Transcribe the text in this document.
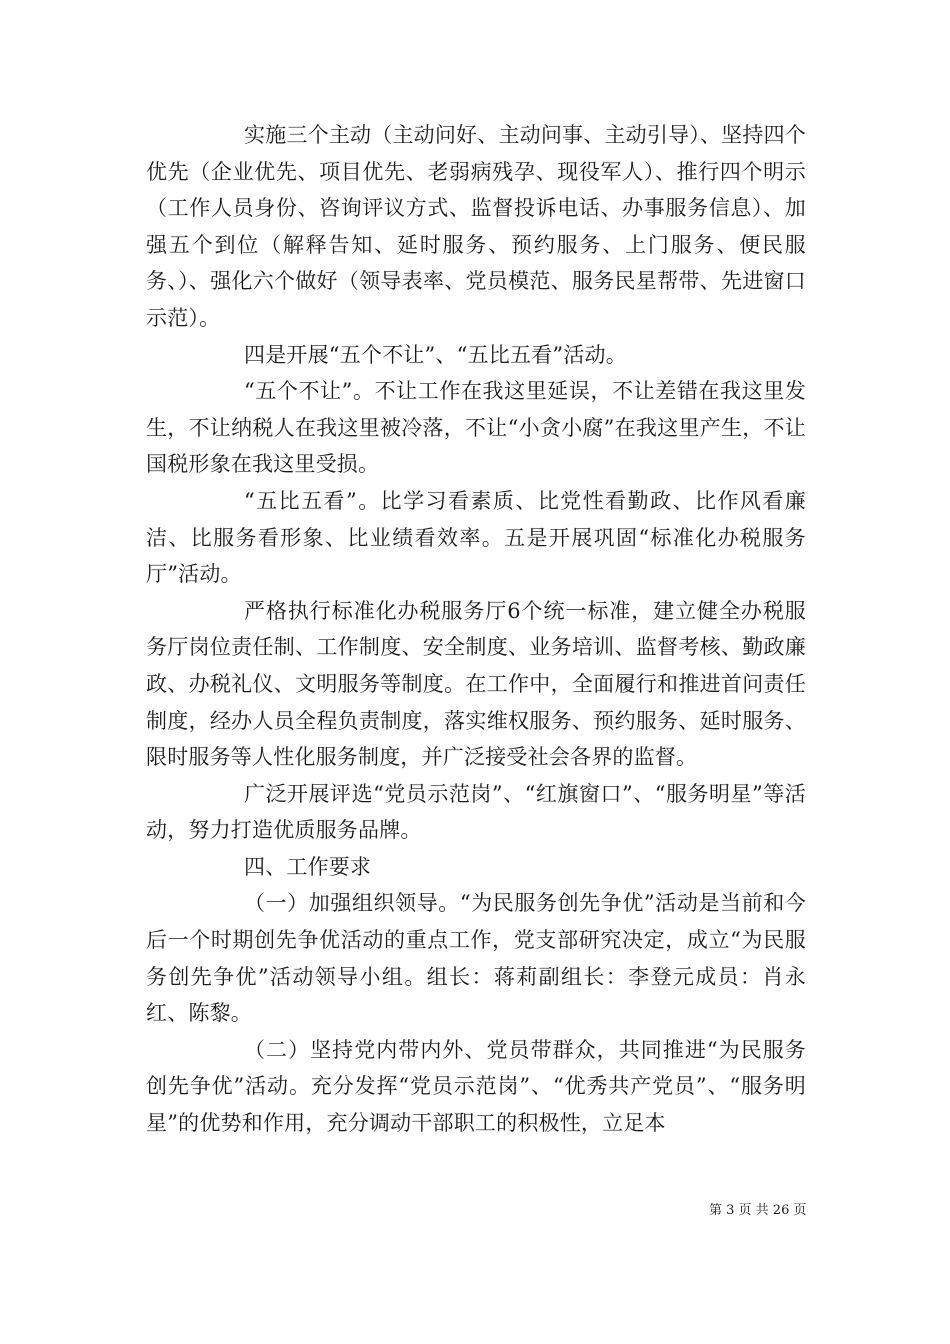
实施三个主动（主动问好、主动问事、主动引导）、坚持四个优先（企业优先、项目优先、老弱病残孕、现役军人）、推行四个明示（工作人员身份、咨询评议方式、监督投诉电话、办事服务信息）、加强五个到位（解释告知、延时服务、预约服务、上门服务、便民服务、）、强化六个做好（领导表率、党员模范、服务民星帮带、先进窗口示范）。

四是开展“五个不让”、“五比五看”活动。

“五个不让”。不让工作在我这里延误，不让差错在我这里发生，不让纳税人在我这里被冷落，不让“小贪小腐”在我这里产生，不让国税形象在我这里受损。

“五比五看”。比学习看素质、比党性看勤政、比作风看廉洁、比服务看形象、比业绩看效率。五是开展巩固“标准化办税服务厅”活动。

严格执行标准化办税服务厅6个统一标准，建立健全办税服务厅岗位责任制、工作制度、安全制度、业务培训、监督考核、勤政廉政、办税礼仪、文明服务等制度。在工作中，全面履行和推进首问责任制度，经办人员全程负责制度，落实维权服务、预约服务、延时服务、限时服务等人性化服务制度，并广泛接受社会各界的监督。

广泛开展评选“党员示范岗”、“红旗窗口”、“服务明星”等活动，努力打造优质服务品牌。

四、工作要求

（一）加强组织领导。“为民服务创先争优”活动是当前和今后一个时期创先争优活动的重点工作，党支部研究决定，成立“为民服务创先争优”活动领导小组。组长：蒋莉副组长：李登元成员：肖永红、陈黎。

（二）坚持党内带内外、党员带群众，共同推进“为民服务创先争优”活动。充分发挥“党员示范岗”、“优秀共产党员”、“服务明星”的优势和作用，充分调动干部职工的积极性，立足本

第 3 页 共 26 页
